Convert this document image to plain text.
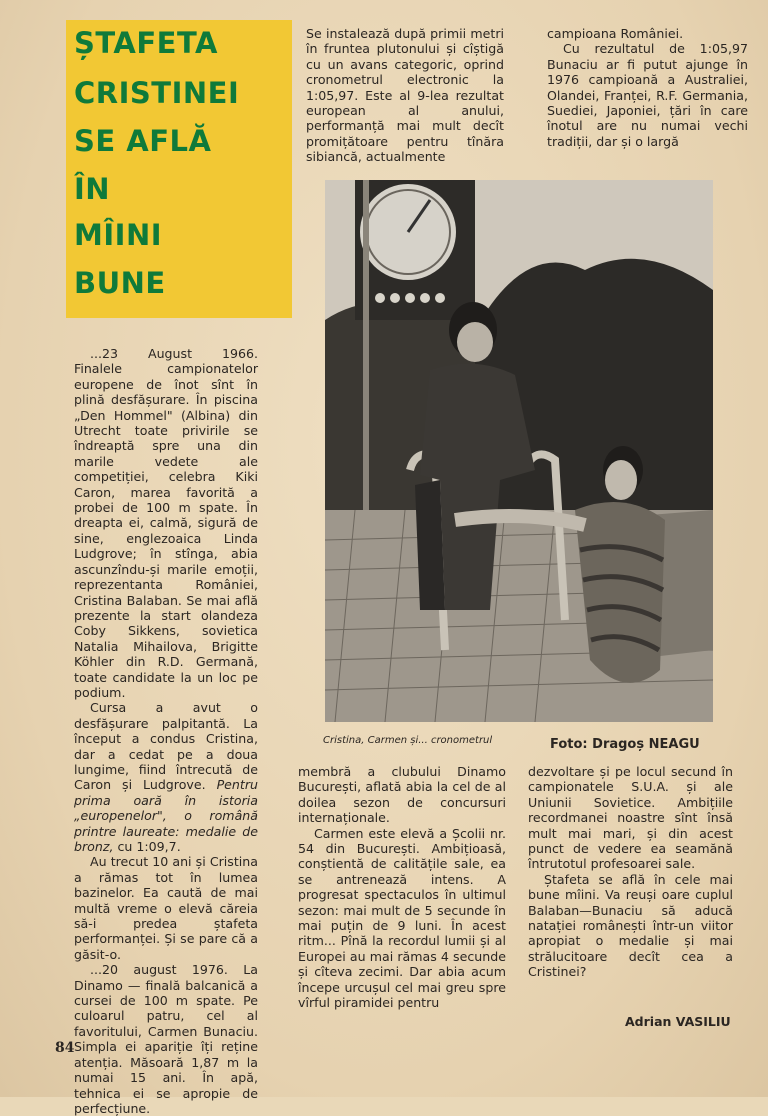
ȘTAFETA
CRISTINEI
SE AFLĂ
ÎN
MÎINI
BUNE

...23 August 1966. Finalele campionatelor europene de înot sînt în plină desfășurare. În piscina „Den Hommel" (Albina) din Utrecht toate privirile se îndreaptă spre una din marile vedete ale competiției, celebra Kiki Caron, marea favorită a probei de 100 m spate. În dreapta ei, calmă, sigură de sine, englezoaica Linda Ludgrove; în stînga, abia ascunzîndu-și marile emoții, reprezentanta României, Cristina Balaban. Se mai află prezente la start olandeza Coby Sikkens, sovietica Natalia Mihailova, Brigitte Köhler din R.D. Germană, toate candidate la un loc pe podium.

Cursa a avut o desfășurare palpitantă. La început a condus Cristina, dar a cedat pe a doua lungime, fiind întrecută de Caron și Ludgrove. Pentru prima oară în istoria „europenelor", o română printre laureate: medalie de bronz, cu 1:09,7.

Au trecut 10 ani și Cristina a rămas tot în lumea bazinelor. Ea caută de mai multă vreme o elevă căreia să-i predea ștafeta performanței. Și se pare că a găsit-o.

...20 august 1976. La Dinamo — finală balcanică a cursei de 100 m spate. Pe culoarul patru, cel al favoritului, Carmen Bunaciu. Simpla ei apariție îți reține atenția. Măsoară 1,87 m la numai 15 ani. În apă, tehnica ei se apropie de perfecțiune.

Se instalează după primii metri în fruntea plutonului și cîștigă cu un avans categoric, oprind cronometrul electronic la 1:05,97. Este al 9-lea rezultat european al anului, performanță mai mult decît promițătoare pentru tînăra sibiancă, actualmente

campioana României.

Cu rezultatul de 1:05,97 Bunaciu ar fi putut ajunge în 1976 campioană a Australiei, Olandei, Franței, R.F. Germania, Suediei, Japoniei, țări în care înotul are nu numai vechi tradiții, dar și o largă

Cristina, Carmen și... cronometrul	Foto: Dragoș NEAGU

membră a clubului Dinamo București, aflată abia la cel de al doilea sezon de concursuri internaționale.

Carmen este elevă a Școlii nr. 54 din București. Ambițioasă, conștientă de calitățile sale, ea se antrenează intens. A progresat spectaculos în ultimul sezon: mai mult de 5 secunde în mai puțin de 9 luni. În acest ritm... Pînă la recordul lumii și al Europei au mai rămas 4 secunde și cîteva zecimi. Dar abia acum începe urcușul cel mai greu spre vîrful piramidei pentru

dezvoltare și pe locul secund în campionatele S.U.A. și ale Uniunii Sovietice. Ambițiile recordmanei noastre sînt însă mult mai mari, și din acest punct de vedere ea seamănă întrutotul profesoarei sale.

Ștafeta se află în cele mai bune mîini. Va reuși oare cuplul Balaban—Bunaciu să aducă natației românești într-un viitor apropiat o medalie și mai strălucitoare decît cea a Cristinei?

Adrian VASILIU
84
